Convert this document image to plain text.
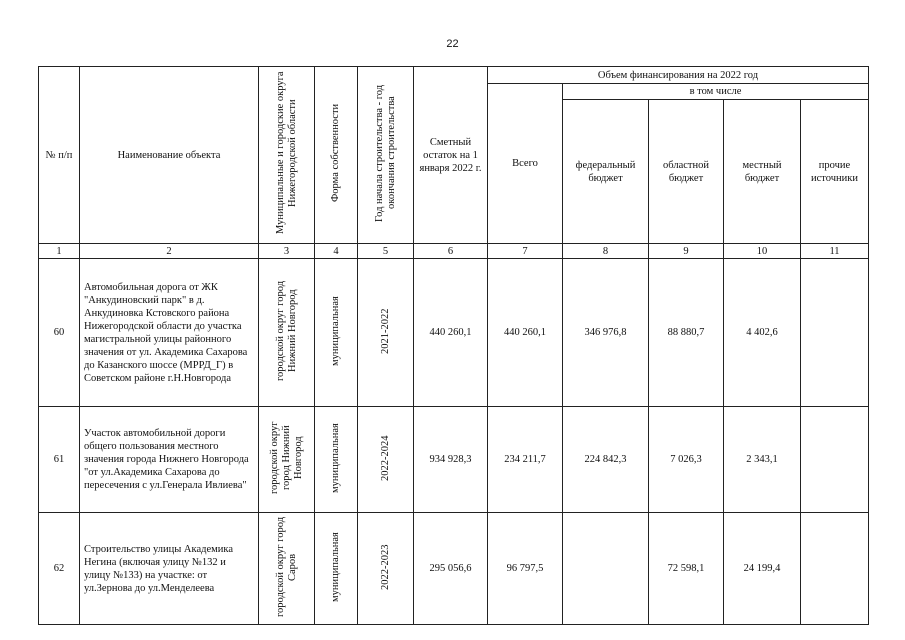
22
№ п/п	Наименование объекта	Муниципальные и городские округа Нижегородской области	Форма собственности	Год начала строительства - год окончания строительства	Сметный остаток на 1 января 2022 г.	Объем финансирования на 2022 год				
						Всего	в том числе			
							федеральный бюджет	областной бюджет	местный бюджет	прочие источники
1	2	3	4	5	6	7	8	9	10	11
60	Автомобильная дорога от ЖК "Анкудиновский парк" в д. Анкудиновка Кстовского района Нижегородской области до участка магистральной улицы районного значения от ул. Академика Сахарова до Казанского шоссе (МРРД_Г) в Советском районе г.Н.Новгорода	городской округ город Нижний Новгород	муниципальная	2021-2022	440 260,1	440 260,1	346 976,8	88 880,7	4 402,6	
61	Участок автомобильной дороги общего пользования местного значения города Нижнего Новгорода "от ул.Академика Сахарова до пересечения с ул.Генерала Ивлиева"	городской округ город Нижний Новгород	муниципальная	2022-2024	934 928,3	234 211,7	224 842,3	7 026,3	2 343,1	
62	Строительство улицы Академика Негина (включая улицу №132 и улицу №133) на участке: от ул.Зернова до ул.Менделеева	городской округ город Саров	муниципальная	2022-2023	295 056,6	96 797,5		72 598,1	24 199,4	
